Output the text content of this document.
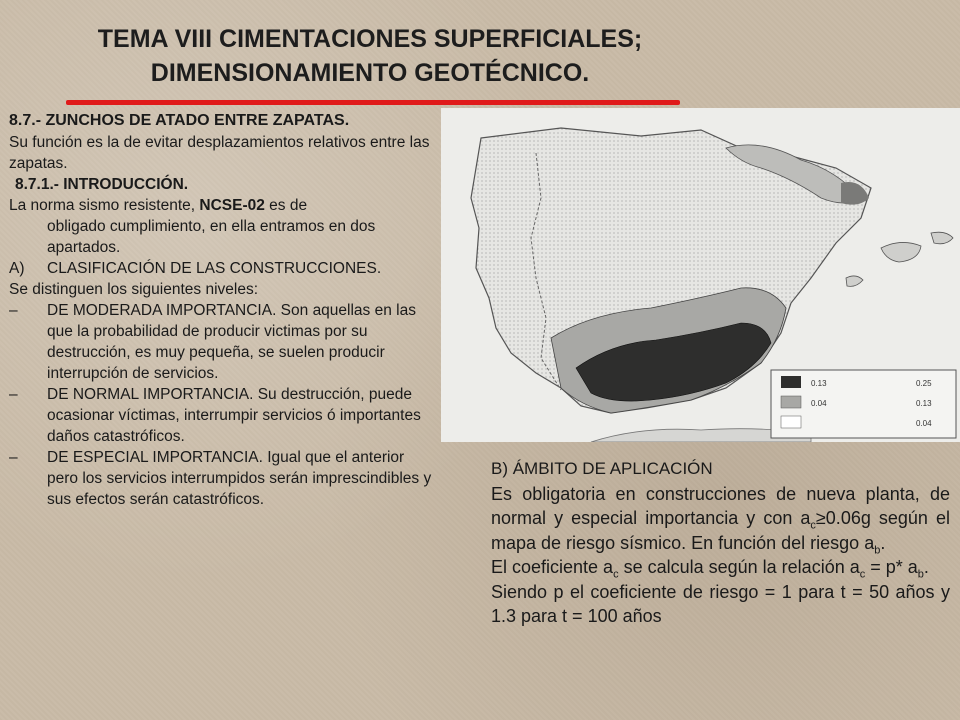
TEMA VIII CIMENTACIONES SUPERFICIALES;
DIMENSIONAMIENTO GEOTÉCNICO.

8.7.- ZUNCHOS DE ATADO ENTRE ZAPATAS.

Su función es la de evitar desplazamientos relativos entre las zapatas.

8.7.1.- INTRODUCCIÓN.

La norma sismo resistente, NCSE-02 es de

obligado cumplimiento, en ella entramos en dos apartados.

A)	CLASIFICACIÓN DE LAS CONSTRUCCIONES.

Se distinguen los siguientes niveles:

–	DE MODERADA IMPORTANCIA. Son aquellas en las que la probabilidad de producir victimas por su destrucción, es muy pequeña, se suelen producir interrupción de servicios.
–	DE NORMAL IMPORTANCIA. Su destrucción, puede ocasionar víctimas, interrumpir servicios ó importantes daños catastróficos.
–	DE ESPECIAL IMPORTANCIA. Igual que el anterior pero los servicios interrumpidos serán imprescindibles y sus efectos serán catastróficos.
0.13	0.25
0.04	0.13
0.04

B) ÁMBITO DE APLICACIÓN

Es obligatoria en construcciones de nueva planta, de normal y especial importancia y con $a_c\ge 0.06g$ según el mapa de riesgo sísmico. En función del riesgo $a_b$.

El coeficiente $a_c$ se calcula según la relación $a_c = p*$ $a_b$.

Siendo p el coeficiente de riesgo = 1 para t = 50 años y 1.3 para t = 100 años
